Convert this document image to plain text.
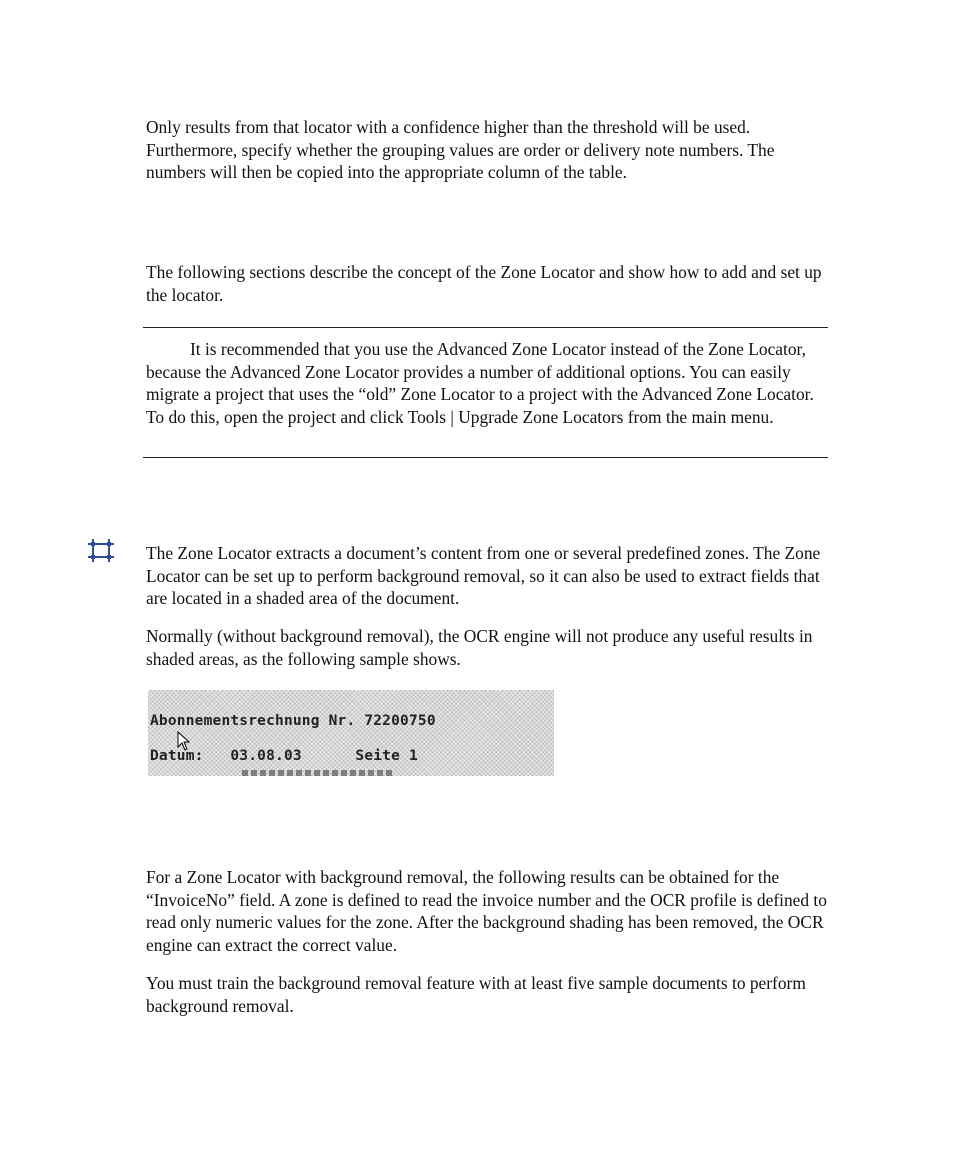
Only results from that locator with a confidence higher than the threshold will be used. Furthermore, specify whether the grouping values are order or delivery note numbers. The numbers will then be copied into the appropriate column of the table.

The following sections describe the concept of the Zone Locator and show how to add and set up the locator.

It is recommended that you use the Advanced Zone Locator instead of the Zone Locator, because the Advanced Zone Locator provides a number of additional options. You can easily migrate a project that uses the “old” Zone Locator to a project with the Advanced Zone Locator. To do this, open the project and click Tools | Upgrade Zone Locators from the main menu.

The Zone Locator extracts a document’s content from one or several predefined zones. The Zone Locator can be set up to perform background removal, so it can also be used to extract fields that are located in a shaded area of the document.

Normally (without background removal), the OCR engine will not produce any useful results in shaded areas, as the following sample shows.

Abonnementsrechnung Nr. 72200750
Datum:   03.08.03      Seite 1

For a Zone Locator with background removal, the following results can be obtained for the “InvoiceNo” field. A zone is defined to read the invoice number and the OCR profile is defined to read only numeric values for the zone. After the background shading has been removed, the OCR engine can extract the correct value.

You must train the background removal feature with at least five sample documents to perform background removal.
